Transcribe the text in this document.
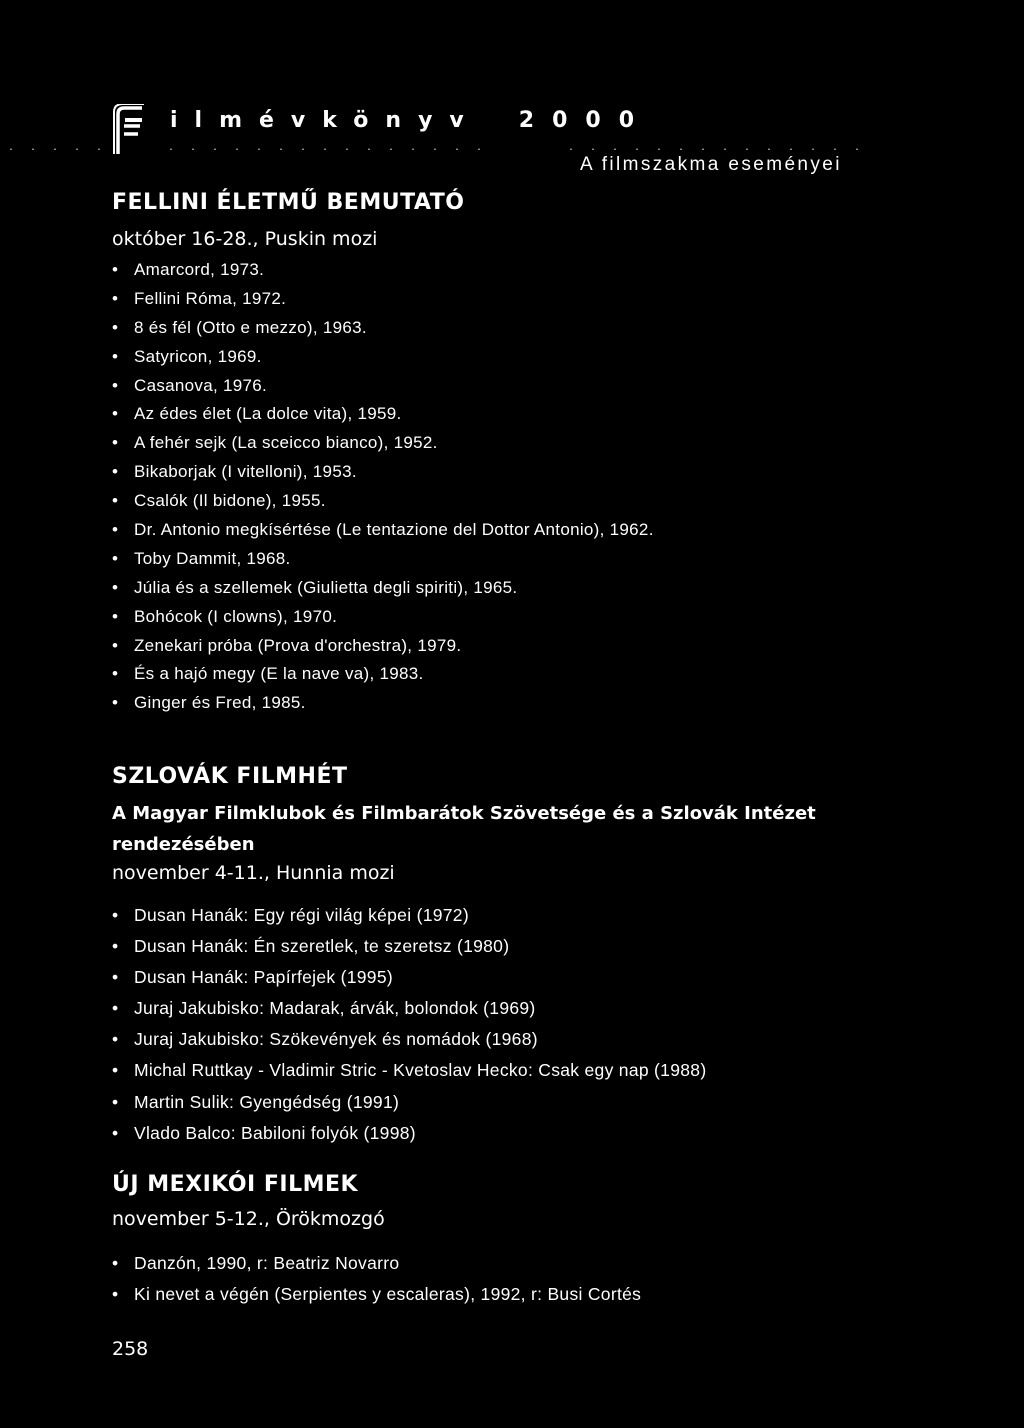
ilmévkönyv 2000
A filmszakma eseményei
FELLINI ÉLETMŰ BEMUTATÓ
október 16-28., Puskin mozi
• Amarcord, 1973.
• Fellini Róma, 1972.
• 8 és fél (Otto e mezzo), 1963.
• Satyricon, 1969.
• Casanova, 1976.
• Az édes élet (La dolce vita), 1959.
• A fehér sejk (La sceicco bianco), 1952.
• Bikaborjak (I vitelloni), 1953.
• Csalók (Il bidone), 1955.
• Dr. Antonio megkísértése (Le tentazione del Dottor Antonio), 1962.
• Toby Dammit, 1968.
• Júlia és a szellemek (Giulietta degli spiriti), 1965.
• Bohócok (I clowns), 1970.
• Zenekari próba (Prova d'orchestra), 1979.
• És a hajó megy (E la nave va), 1983.
• Ginger és Fred, 1985.
SZLOVÁK FILMHÉT
A Magyar Filmklubok és Filmbarátok Szövetsége és a Szlovák Intézet rendezésében
november 4-11., Hunnia mozi
• Dusan Hanák: Egy régi világ képei (1972)
• Dusan Hanák: Én szeretlek, te szeretsz (1980)
• Dusan Hanák: Papírfejek (1995)
• Juraj Jakubisko: Madarak, árvák, bolondok (1969)
• Juraj Jakubisko: Szökevények és nomádok (1968)
• Michal Ruttkay - Vladimir Stric - Kvetoslav Hecko: Csak egy nap (1988)
• Martin Sulik: Gyengédség (1991)
• Vlado Balco: Babiloni folyók (1998)
ÚJ MEXIKÓI FILMEK
november 5-12., Örökmozgó
• Danzón, 1990, r: Beatriz Novarro
• Ki nevet a végén (Serpientes y escaleras), 1992, r: Busi Cortés
258
